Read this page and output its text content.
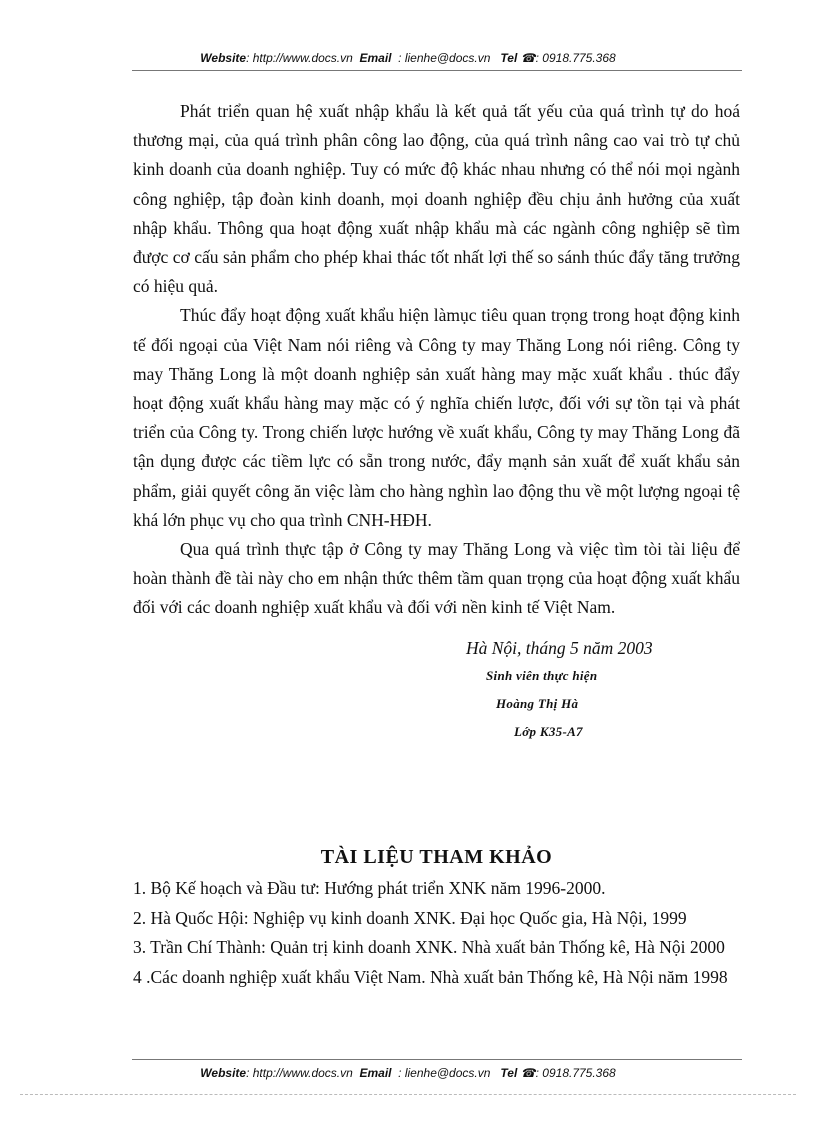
Website: http://www.docs.vn Email : lienhe@docs.vn Tel ☎: 0918.775.368

Phát triển quan hệ xuất nhập khẩu là kết quả tất yếu của quá trình tự do hoá thương mại, của quá trình phân công lao động, của quá trình nâng cao vai trò tự chủ kinh doanh của doanh nghiệp. Tuy có mức độ khác nhau nhưng có thể nói mọi ngành công nghiệp, tập đoàn kinh doanh, mọi doanh nghiệp đều chịu ảnh hưởng của xuất nhập khẩu. Thông qua hoạt động xuất nhập khẩu mà các ngành công nghiệp sẽ tìm được cơ cấu sản phẩm cho phép khai thác tốt nhất lợi thế so sánh thúc đẩy tăng trưởng có hiệu quả.

Thúc đẩy hoạt động xuất khẩu hiện làmục tiêu quan trọng trong hoạt động kinh tế đối ngoại của Việt Nam nói riêng và Công ty may Thăng Long nói riêng. Công ty may Thăng Long là một doanh nghiệp sản xuất hàng may mặc xuất khẩu . thúc đẩy hoạt động xuất khẩu hàng may mặc có ý nghĩa chiến lược, đối với sự tồn tại và phát triển của Công ty. Trong chiến lược hướng về xuất khẩu, Công ty may Thăng Long đã tận dụng được các tiềm lực có sẵn trong nước, đẩy mạnh sản xuất để xuất khẩu sản phẩm, giải quyết công ăn việc làm cho hàng nghìn lao động thu về một lượng ngoại tệ khá lớn phục vụ cho qua trình CNH-HĐH.

Qua quá trình thực tập ở Công ty may Thăng Long và việc tìm tòi tài liệu để hoàn thành đề tài này cho em nhận thức thêm tầm quan trọng của hoạt động xuất khẩu đối với các doanh nghiệp xuất khẩu và đối với nền kinh tế Việt Nam.

Hà Nội, tháng 5 năm 2003
Sinh viên thực hiện
Hoàng Thị Hà
Lớp K35-A7
TÀI LIỆU THAM KHẢO
1. Bộ Kế hoạch và Đầu tư: Hướng phát triển XNK năm 1996-2000.
2. Hà Quốc Hội: Nghiệp vụ kinh doanh XNK. Đại học Quốc gia, Hà Nội, 1999
3. Trần Chí Thành: Quản trị kinh doanh XNK. Nhà xuất bản Thống kê, Hà Nội 2000
4 .Các doanh nghiệp xuất khẩu Việt Nam. Nhà xuất bản Thống kê, Hà Nội năm 1998
Website: http://www.docs.vn Email : lienhe@docs.vn Tel ☎: 0918.775.368
